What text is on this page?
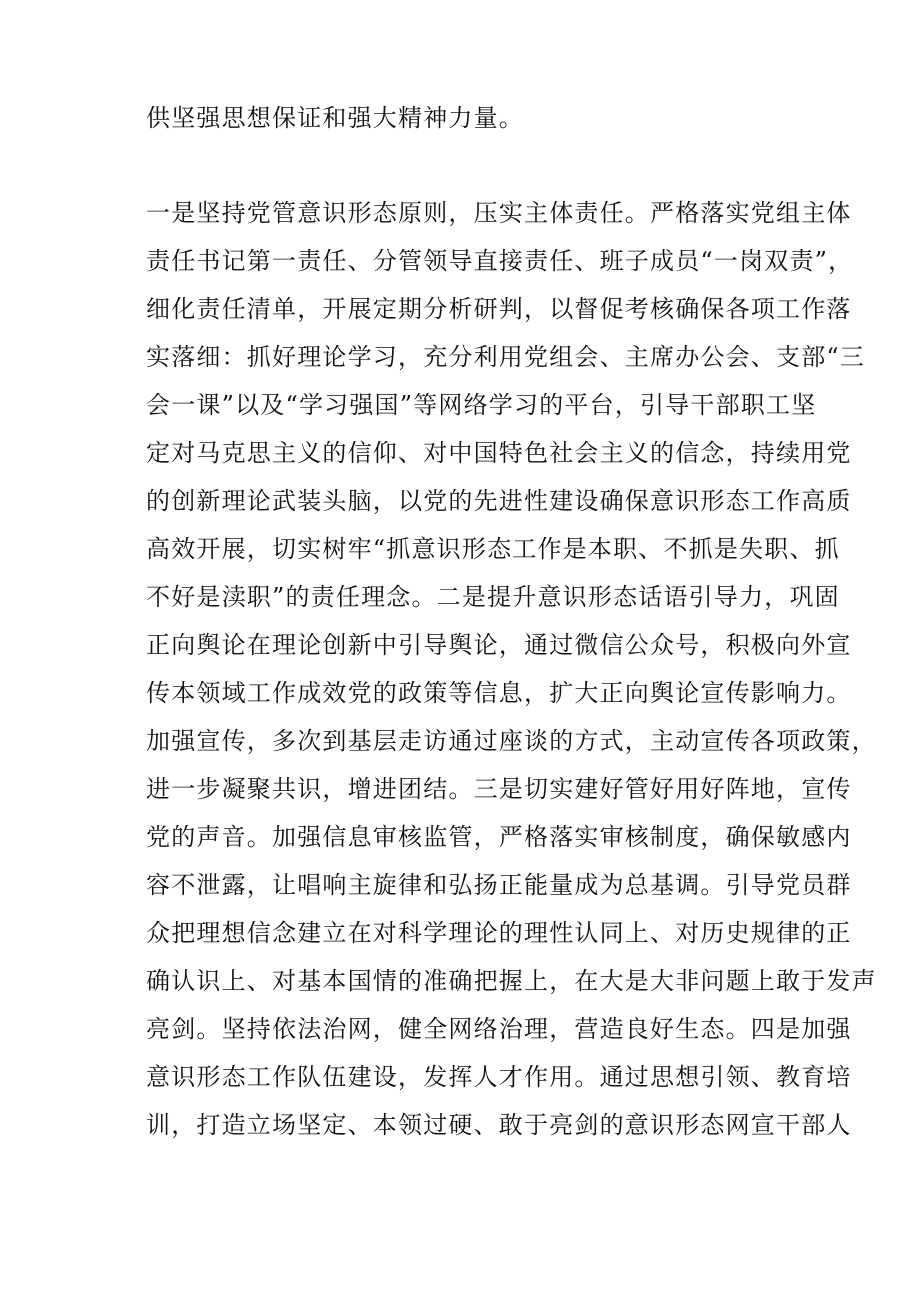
供坚强思想保证和强大精神力量。
一是坚持党管意识形态原则，压实主体责任。严格落实党组主体
责任书记第一责任、分管领导直接责任、班子成员“一岗双责”，
细化责任清单，开展定期分析研判，以督促考核确保各项工作落
实落细：抓好理论学习，充分利用党组会、主席办公会、支部“三
会一课”以及“学习强国”等网络学习的平台，引导干部职工坚
定对马克思主义的信仰、对中国特色社会主义的信念，持续用党
的创新理论武装头脑，以党的先进性建设确保意识形态工作高质
高效开展，切实树牢“抓意识形态工作是本职、不抓是失职、抓
不好是渎职”的责任理念。二是提升意识形态话语引导力，巩固
正向舆论在理论创新中引导舆论，通过微信公众号，积极向外宣
传本领域工作成效党的政策等信息，扩大正向舆论宣传影响力。
加强宣传，多次到基层走访通过座谈的方式，主动宣传各项政策，
进一步凝聚共识，增进团结。三是切实建好管好用好阵地，宣传
党的声音。加强信息审核监管，严格落实审核制度，确保敏感内
容不泄露，让唱响主旋律和弘扬正能量成为总基调。引导党员群
众把理想信念建立在对科学理论的理性认同上、对历史规律的正
确认识上、对基本国情的准确把握上，在大是大非问题上敢于发声
亮剑。坚持依法治网，健全网络治理，营造良好生态。四是加强
意识形态工作队伍建设，发挥人才作用。通过思想引领、教育培
训，打造立场坚定、本领过硬、敢于亮剑的意识形态网宣干部人
